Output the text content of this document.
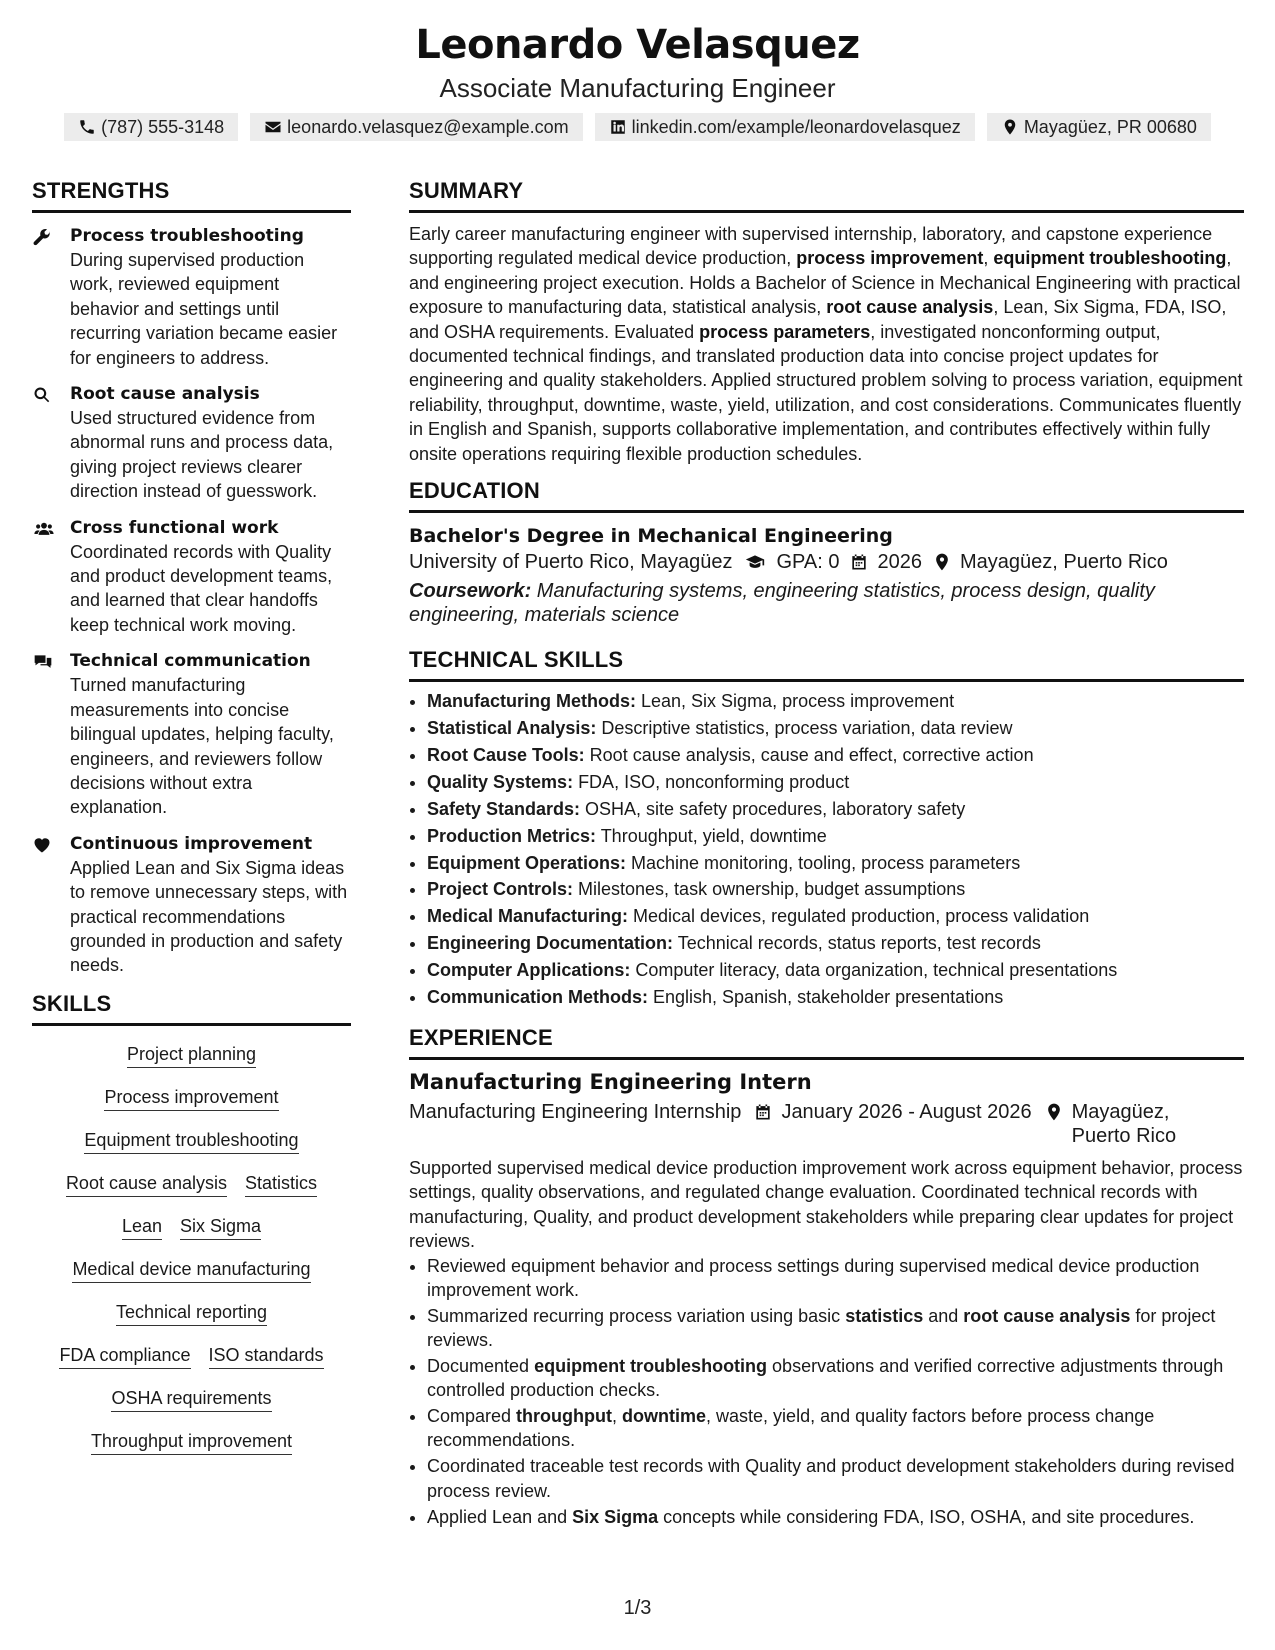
Leonardo Velasquez
Associate Manufacturing Engineer
(787) 555-3148	leonardo.velasquez@example.com	linkedin.com/example/leonardovelasquez	Mayagüez, PR 00680
STRENGTHS
Process troubleshooting
During supervised production work, reviewed equipment behavior and settings until recurring variation became easier for engineers to address.
Root cause analysis
Used structured evidence from abnormal runs and process data, giving project reviews clearer direction instead of guesswork.
Cross functional work
Coordinated records with Quality and product development teams, and learned that clear handoffs keep technical work moving.
Technical communication
Turned manufacturing measurements into concise bilingual updates, helping faculty, engineers, and reviewers follow decisions without extra explanation.
Continuous improvement
Applied Lean and Six Sigma ideas to remove unnecessary steps, with practical recommendations grounded in production and safety needs.
SKILLS
Project planning
Process improvement
Equipment troubleshooting
Root cause analysis Statistics
Lean Six Sigma
Medical device manufacturing
Technical reporting
FDA compliance ISO standards
OSHA requirements
Throughput improvement
SUMMARY
Early career manufacturing engineer with supervised internship, laboratory, and capstone experience supporting regulated medical device production, process improvement, equipment troubleshooting, and engineering project execution. Holds a Bachelor of Science in Mechanical Engineering with practical exposure to manufacturing data, statistical analysis, root cause analysis, Lean, Six Sigma, FDA, ISO, and OSHA requirements. Evaluated process parameters, investigated nonconforming output, documented technical findings, and translated production data into concise project updates for engineering and quality stakeholders. Applied structured problem solving to process variation, equipment reliability, throughput, downtime, waste, yield, utilization, and cost considerations. Communicates fluently in English and Spanish, supports collaborative implementation, and contributes effectively within fully onsite operations requiring flexible production schedules.
EDUCATION
Bachelor's Degree in Mechanical Engineering
University of Puerto Rico, Mayagüez GPA: 0 2026 Mayagüez, Puerto Rico
Coursework: Manufacturing systems, engineering statistics, process design, quality engineering, materials science
TECHNICAL SKILLS
• Manufacturing Methods: Lean, Six Sigma, process improvement
• Statistical Analysis: Descriptive statistics, process variation, data review
• Root Cause Tools: Root cause analysis, cause and effect, corrective action
• Quality Systems: FDA, ISO, nonconforming product
• Safety Standards: OSHA, site safety procedures, laboratory safety
• Production Metrics: Throughput, yield, downtime
• Equipment Operations: Machine monitoring, tooling, process parameters
• Project Controls: Milestones, task ownership, budget assumptions
• Medical Manufacturing: Medical devices, regulated production, process validation
• Engineering Documentation: Technical records, status reports, test records
• Computer Applications: Computer literacy, data organization, technical presentations
• Communication Methods: English, Spanish, stakeholder presentations
EXPERIENCE
Manufacturing Engineering Intern
Manufacturing Engineering Internship January 2026 - August 2026 Mayagüez, Puerto Rico
Supported supervised medical device production improvement work across equipment behavior, process settings, quality observations, and regulated change evaluation. Coordinated technical records with manufacturing, Quality, and product development stakeholders while preparing clear updates for project reviews.
• Reviewed equipment behavior and process settings during supervised medical device production improvement work.
• Summarized recurring process variation using basic statistics and root cause analysis for project reviews.
• Documented equipment troubleshooting observations and verified corrective adjustments through controlled production checks.
• Compared throughput, downtime, waste, yield, and quality factors before process change recommendations.
• Coordinated traceable test records with Quality and product development stakeholders during revised process review.
• Applied Lean and Six Sigma concepts while considering FDA, ISO, OSHA, and site procedures.
1/3
